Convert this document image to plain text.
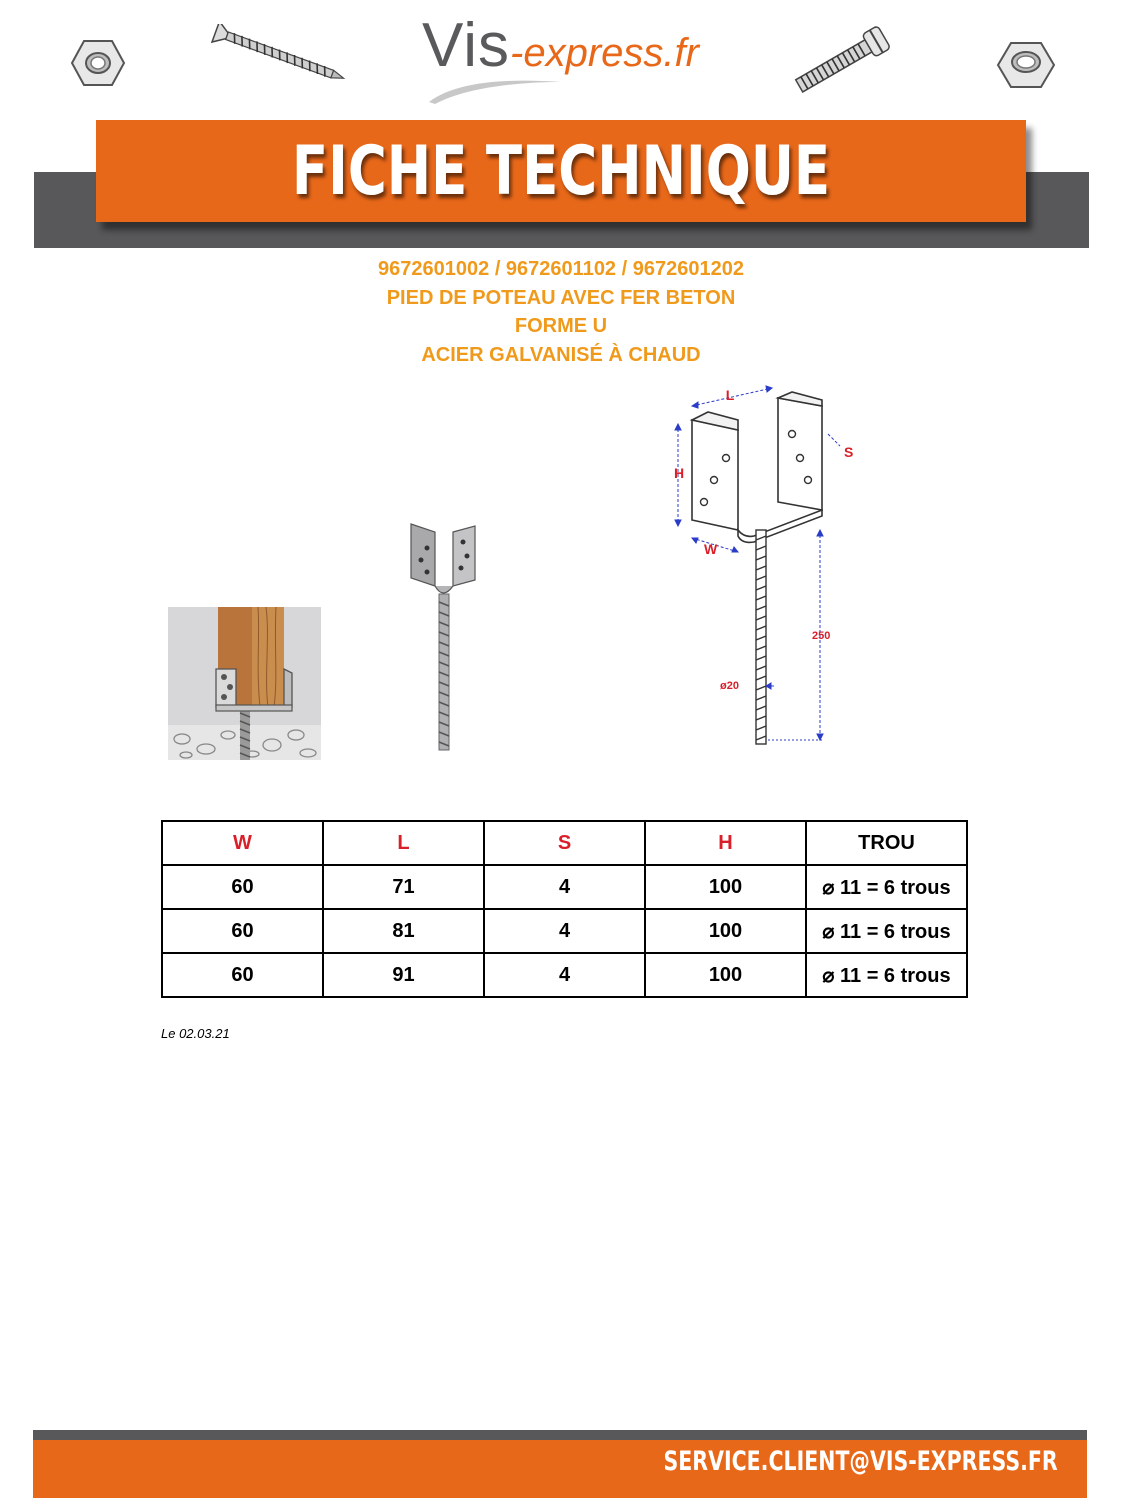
Vis-express.fr
FICHE TECHNIQUE
9672601002 / 9672601102 / 9672601202
PIED DE POTEAU AVEC FER BETON
FORME U
ACIER GALVANISÉ À CHAUD
L
S
H
W
250
ø20
W	L	S	H	TROU
60	71	4	100	⌀ 11 = 6 trous
60	81	4	100	⌀ 11 = 6 trous
60	91	4	100	⌀ 11 = 6 trous
Le 02.03.21
SERVICE.CLIENT@VIS-EXPRESS.FR
